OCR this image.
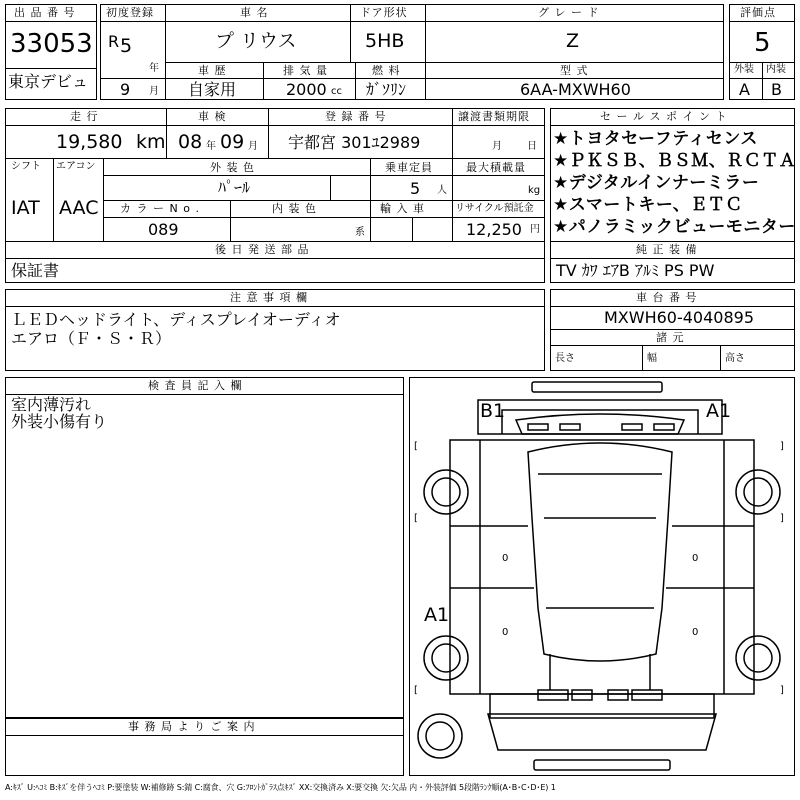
出 品 番 号
33053
東京デビュ
初度登録
R 5
年
9 月
車 名
プ リウス
ドア形状
5HB
グ レ ー ド
Z
車 歴
自家用
排 気 量
2000 cc
燃 料
ｶﾞｿﾘﾝ
型 式
6AA-MXWH60
評価点
5
外装 内装
A B
走 行
19,580 km
車 検
08 年 09 月
登 録 番 号
宇都宮 301ﾕ2989
譲渡書類期限
月	日
シフト
IAT
エアコン
AAC
外 装 色
ﾊﾟｰﾙ
乗車定員
5 人
最大積載量
kg
カ ラ ー N o .
089
内 装 色
系
輸 入 車	リサイクル預託金
12,250 円
セ ー ル ス ポ イ ン ト
★トヨタセーフティセンス
★ＰＫＳＢ、ＢＳＭ、ＲＣＴＡ
★デジタルインナーミラー
★スマートキー、ＥＴＣ
★パノラミックビューモニター
後 日 発 送 部 品
保証書
純 正 装 備
TV ｶﾜ ｴｱB ｱﾙﾐ PS PW
注 意 事 項 欄
ＬＥＤヘッドライト、ディスプレイオーディオ
エアロ（Ｆ・Ｓ・Ｒ）
車 台 番 号
MXWH60-4040895
諸 元
長さ	幅	高さ
検 査 員 記 入 欄
室内薄汚れ
外装小傷有り
事 務 局 よ り ご 案 内
B1	A1
A1
[	]
[	]
[	]
0	0
0	0
A:ｷｽﾞ U:ﾍｺﾐ B:ｷｽﾞを伴うﾍｺﾐ P:要塗装 W:補修跡 S:錆 C:腐食、穴 G:ﾌﾛﾝﾄｶﾞﾗｽ点ｷｽﾞ XX:交換済み X:要交換 欠:欠品 内・外装評価 5段階ﾗﾝｸ順(A･B･C･D･E) 1
